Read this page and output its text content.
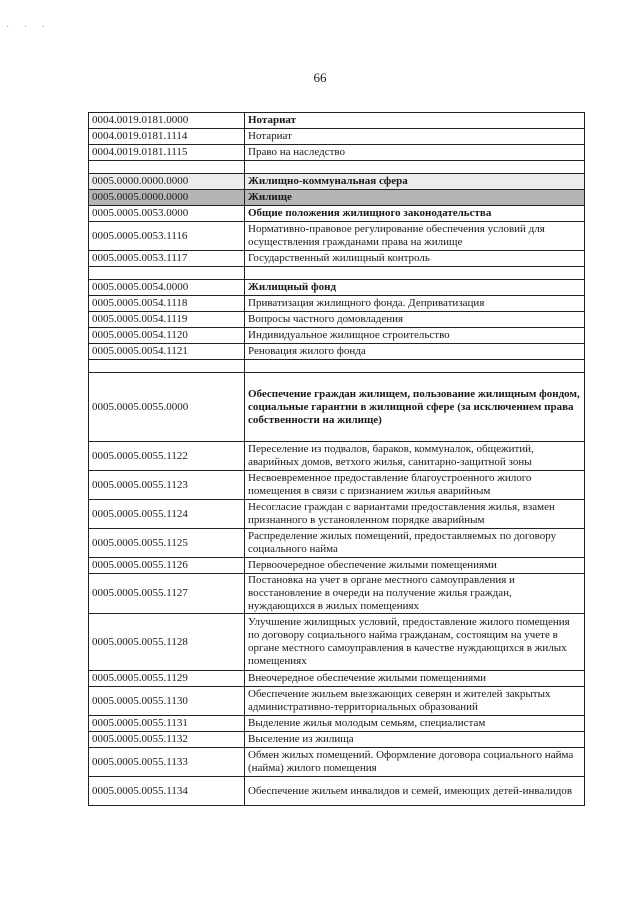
· · ·
66
0004.0019.0181.0000	Нотариат
0004.0019.0181.1114	Нотариат
0004.0019.0181.1115	Право на наследство

0005.0000.0000.0000	Жилищно-коммунальная сфера
0005.0005.0000.0000	Жилище
0005.0005.0053.0000	Общие положения жилищного законодательства
0005.0005.0053.1116	Нормативно-правовое регулирование обеспечения условий для осуществления гражданами права на жилище
0005.0005.0053.1117	Государственный жилищный контроль

0005.0005.0054.0000	Жилищный фонд
0005.0005.0054.1118	Приватизация жилищного фонда. Деприватизация
0005.0005.0054.1119	Вопросы частного домовладения
0005.0005.0054.1120	Индивидуальное жилищное строительство
0005.0005.0054.1121	Реновация жилого фонда

0005.0005.0055.0000	Обеспечение граждан жилищем, пользование жилищным фондом, социальные гарантии в жилищной сфере (за исключением права собственности на жилище)
0005.0005.0055.1122	Переселение из подвалов, бараков, коммуналок, общежитий, аварийных домов, ветхого жилья, санитарно-защитной зоны
0005.0005.0055.1123	Несвоевременное предоставление благоустроенного жилого помещения в связи с признанием жилья аварийным
0005.0005.0055.1124	Несогласие граждан с вариантами предоставления жилья, взамен признанного в установленном порядке аварийным
0005.0005.0055.1125	Распределение жилых помещений, предоставляемых по договору социального найма
0005.0005.0055.1126	Первоочередное обеспечение жилыми помещениями
0005.0005.0055.1127	Постановка на учет в органе местного самоуправления и восстановление в очереди на получение жилья граждан, нуждающихся в жилых помещениях
0005.0005.0055.1128	Улучшение жилищных условий, предоставление жилого помещения по договору социального найма гражданам, состоящим на учете в органе местного самоуправления в качестве нуждающихся в жилых помещениях
0005.0005.0055.1129	Внеочередное обеспечение жилыми помещениями
0005.0005.0055.1130	Обеспечение жильем выезжающих северян и жителей закрытых административно-территориальных образований
0005.0005.0055.1131	Выделение жилья молодым семьям, специалистам
0005.0005.0055.1132	Выселение из жилища
0005.0005.0055.1133	Обмен жилых помещений. Оформление договора социального найма (найма) жилого помещения
0005.0005.0055.1134	Обеспечение жильем инвалидов и семей, имеющих детей-инвалидов
